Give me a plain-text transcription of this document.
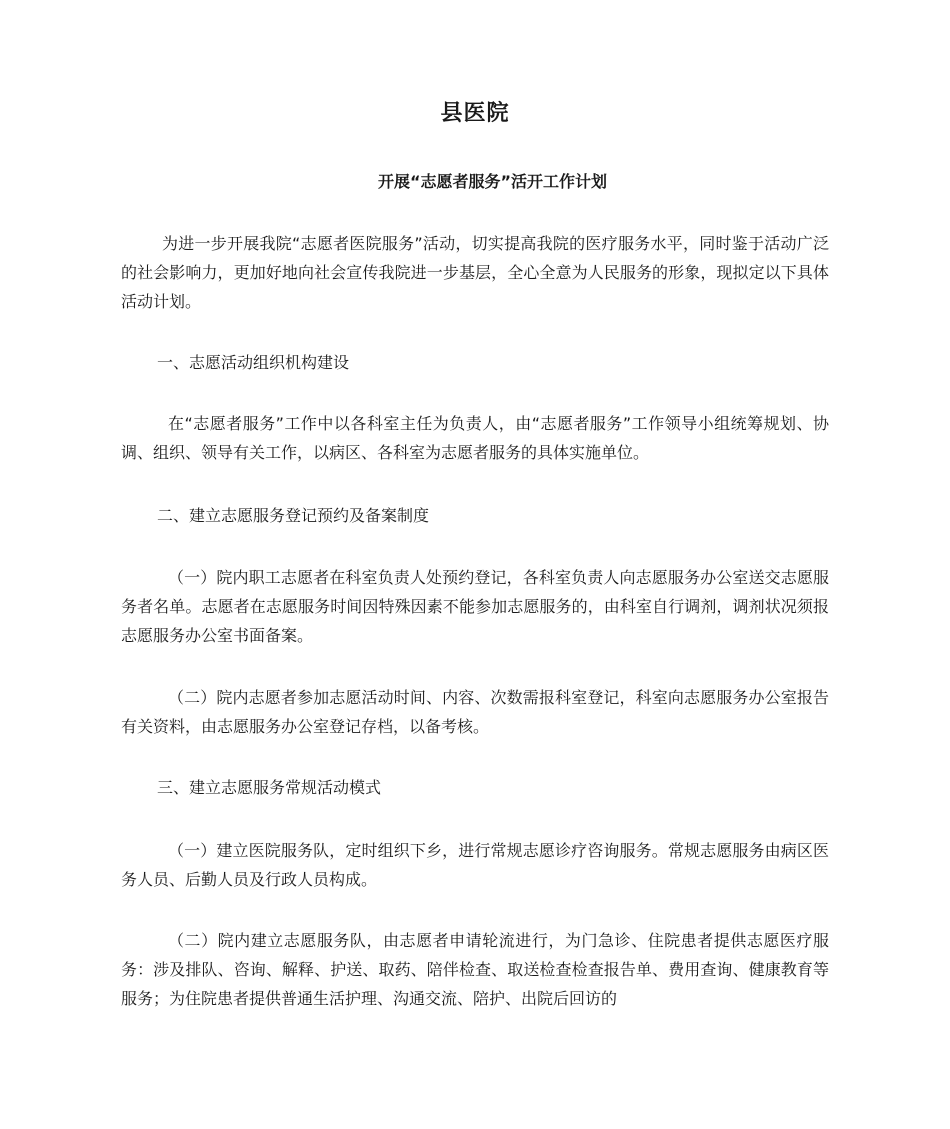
县医院
开展“志愿者服务”活开工作计划

为进一步开展我院“志愿者医院服务”活动，切实提高我院的医疗服务水平，同时鉴于活动广泛的社会影响力，更加好地向社会宣传我院进一步基层，全心全意为人民服务的形象，现拟定以下具体活动计划。

一、志愿活动组织机构建设

在“志愿者服务”工作中以各科室主任为负责人，由“志愿者服务”工作领导小组统筹规划、协调、组织、领导有关工作，以病区、各科室为志愿者服务的具体实施单位。

二、建立志愿服务登记预约及备案制度

（一）院内职工志愿者在科室负责人处预约登记，各科室负责人向志愿服务办公室送交志愿服务者名单。志愿者在志愿服务时间因特殊因素不能参加志愿服务的，由科室自行调剂，调剂状况须报志愿服务办公室书面备案。

（二）院内志愿者参加志愿活动时间、内容、次数需报科室登记，科室向志愿服务办公室报告有关资料，由志愿服务办公室登记存档，以备考核。

三、建立志愿服务常规活动模式

（一）建立医院服务队，定时组织下乡，进行常规志愿诊疗咨询服务。常规志愿服务由病区医务人员、后勤人员及行政人员构成。

（二）院内建立志愿服务队，由志愿者申请轮流进行，为门急诊、住院患者提供志愿医疗服务：涉及排队、咨询、解释、护送、取药、陪伴检查、取送检查检查报告单、费用查询、健康教育等服务；为住院患者提供普通生活护理、沟通交流、陪护、出院后回访的
